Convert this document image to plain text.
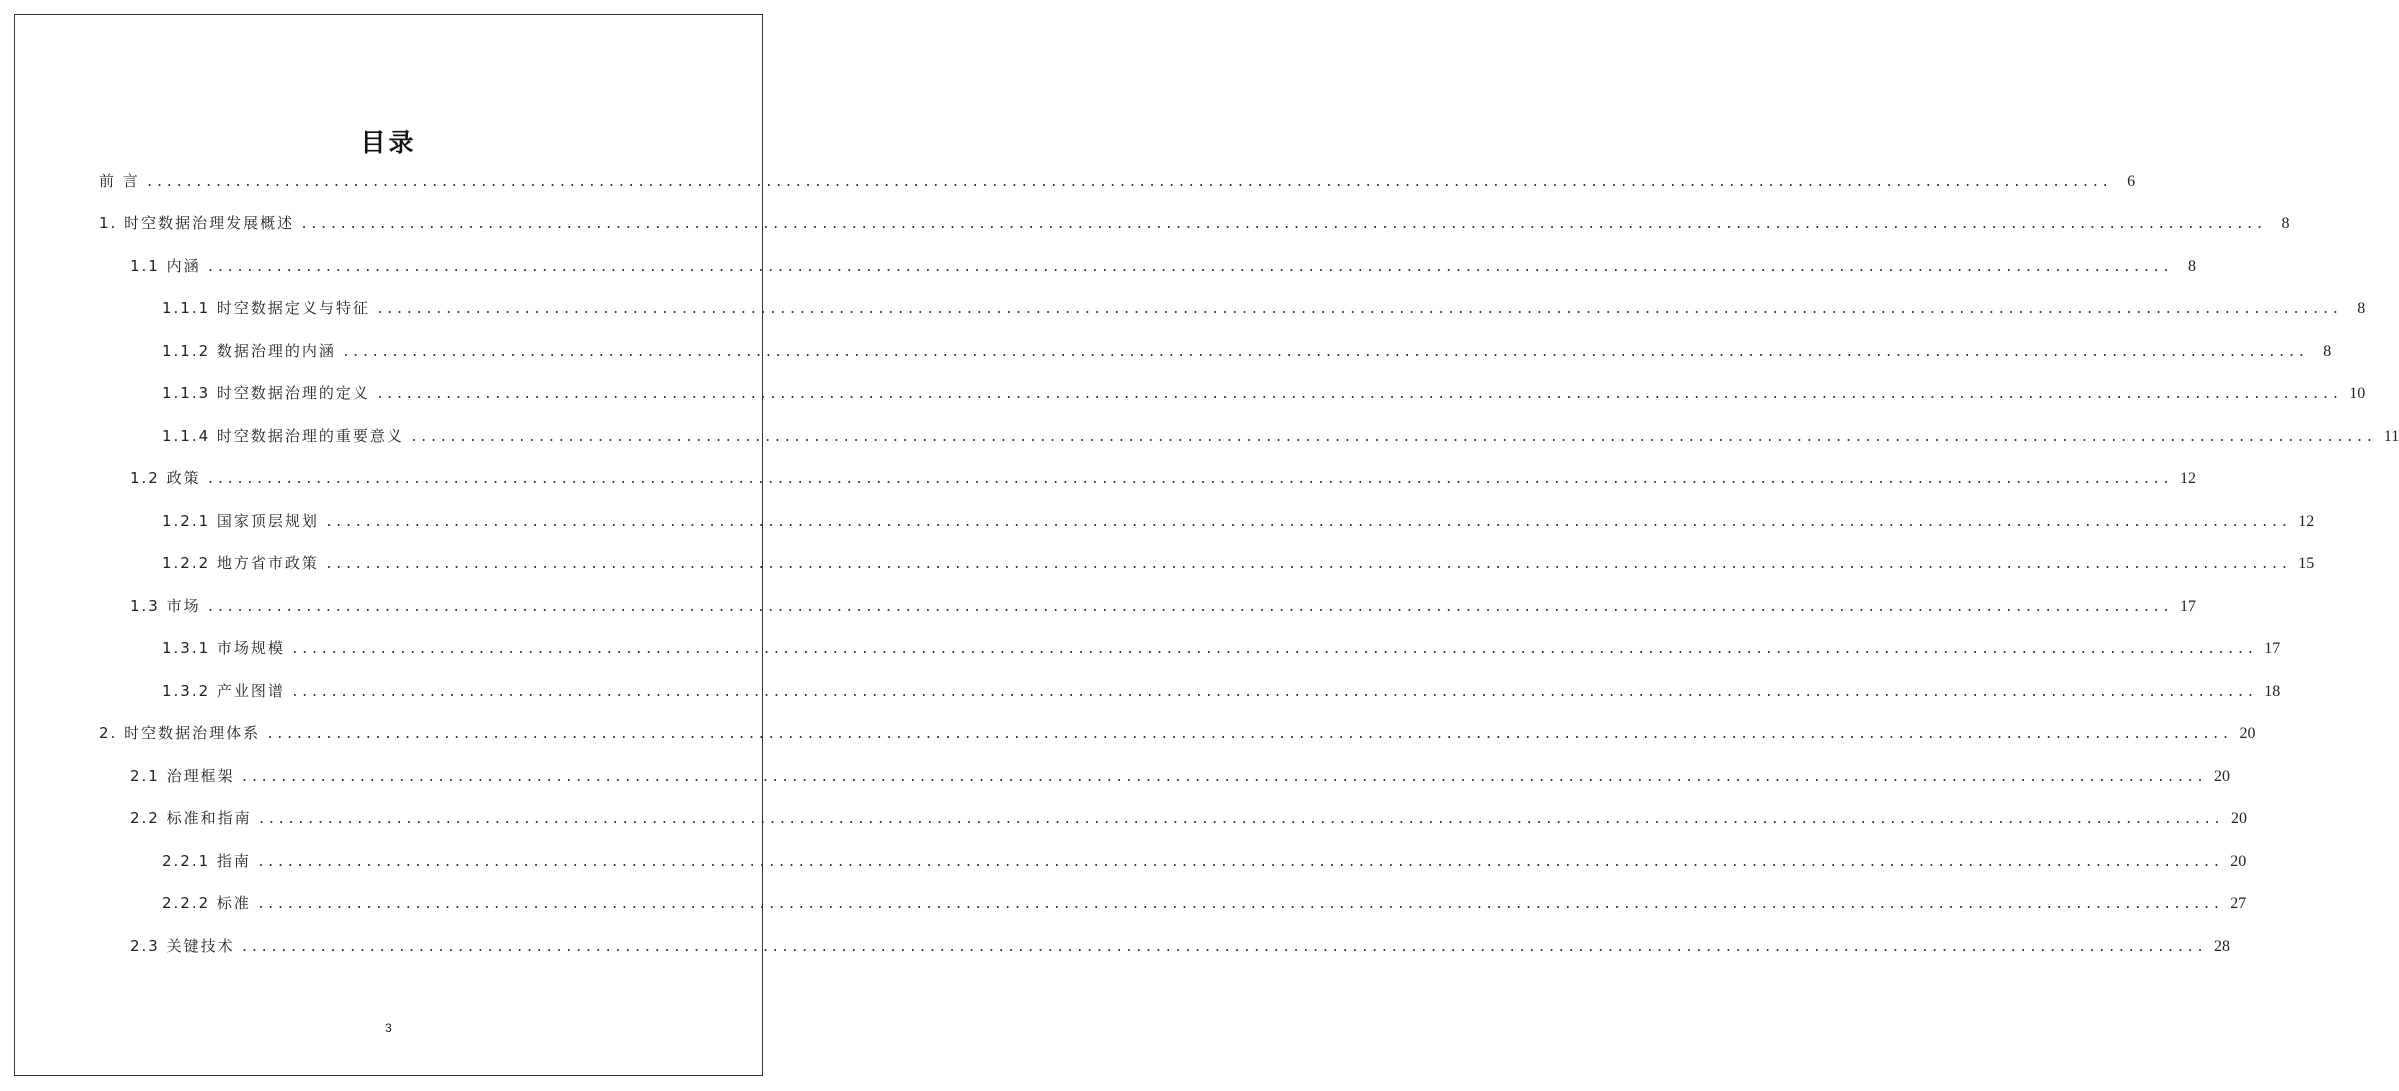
目录
前 言 ........................................................................................................................................................................................................	6
1. 时空数据治理发展概述 ........................................................................................................................................................................................................	8
1.1 内涵 ........................................................................................................................................................................................................	8
1.1.1 时空数据定义与特征 ........................................................................................................................................................................................................	8
1.1.2 数据治理的内涵 ........................................................................................................................................................................................................	8
1.1.3 时空数据治理的定义 ........................................................................................................................................................................................................ 10
1.1.4 时空数据治理的重要意义 ........................................................................................................................................................................................................ 11
1.2 政策 ........................................................................................................................................................................................................ 12
1.2.1 国家顶层规划 ........................................................................................................................................................................................................ 12
1.2.2 地方省市政策 ........................................................................................................................................................................................................ 15
1.3 市场 ........................................................................................................................................................................................................ 17
1.3.1 市场规模 ........................................................................................................................................................................................................ 17
1.3.2 产业图谱 ........................................................................................................................................................................................................ 18
2. 时空数据治理体系 ........................................................................................................................................................................................................ 20
2.1 治理框架 ........................................................................................................................................................................................................ 20
2.2 标准和指南 ........................................................................................................................................................................................................ 20
2.2.1 指南 ........................................................................................................................................................................................................ 20
2.2.2 标准 ........................................................................................................................................................................................................ 27
2.3 关键技术 ........................................................................................................................................................................................................ 28
3
